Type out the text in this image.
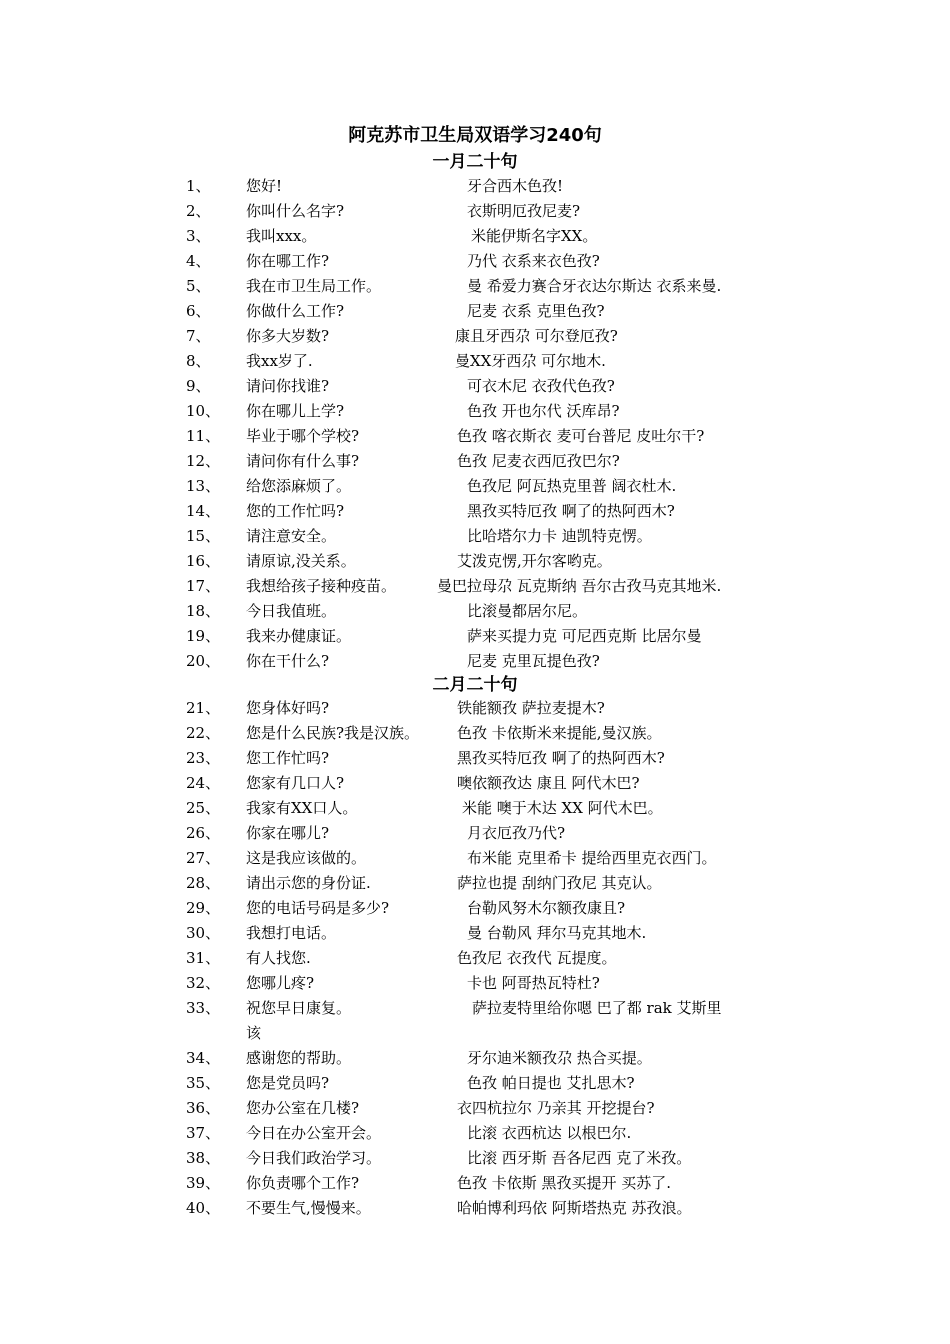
阿克苏市卫生局双语学习240句
一月二十句
1、 您好!	牙合西木色孜!
2、 你叫什么名字?	衣斯明厄孜尼麦?
3、 我叫xxx。	米能伊斯名字XX。
4、 你在哪工作?	乃代 衣系来衣色孜?
5、 我在市卫生局工作。	曼 希爱力赛合牙衣达尔斯达 衣系来曼.
6、 你做什么工作?	尼麦 衣系 克里色孜?
7、 你多大岁数?	康且牙西尕 可尔登厄孜?
8、 我xx岁了.	曼XX牙西尕 可尔地木.
9、 请问你找谁?	可衣木尼 衣孜代色孜?
10、 你在哪儿上学?	色孜 开也尔代 沃库昂?
11、 毕业于哪个学校?	色孜 喀衣斯衣 麦可台普尼 皮吐尔干?
12、 请问你有什么事?	色孜 尼麦衣西厄孜巴尔?
13、 给您添麻烦了。	色孜尼 阿瓦热克里普 阔衣杜木.
14、 您的工作忙吗?	黑孜买特厄孜 啊了的热阿西木?
15、 请注意安全。	比哈塔尔力卡 迪凯特克愣。
16、 请原谅,没关系。	艾泼克愣,开尔客哟克。
17、 我想给孩子接种疫苗。	曼巴拉母尕 瓦克斯纳 吾尔古孜马克其地米.
18、 今日我值班。	比滚曼都居尔尼。
19、 我来办健康证。	萨来买提力克 可尼西克斯 比居尔曼
20、 你在干什么?	尼麦 克里瓦提色孜?
二月二十句
21、 您身体好吗?	铁能额孜 萨拉麦提木?
22、 您是什么民族?我是汉族。	色孜 卡依斯米来提能,曼汉族。
23、 您工作忙吗?	黑孜买特厄孜 啊了的热阿西木?
24、 您家有几口人?	噢依额孜达 康且 阿代木巴?
25、 我家有XX口人。	米能 噢于木达 XX 阿代木巴。
26、 你家在哪儿?	月衣厄孜乃代?
27、 这是我应该做的。	布米能 克里希卡 提给西里克衣西门。
28、 请出示您的身份证.	萨拉也提 刮纳门孜尼 其克认。
29、 您的电话号码是多少?	台勒风努木尔额孜康且?
30、 我想打电话。	曼 台勒风 拜尔马克其地木.
31、 有人找您.	色孜尼 衣孜代 瓦提度。
32、 您哪儿疼?	卡也 阿哥热瓦特杜?
33、 祝您早日康复。	萨拉麦特里给你嗯 巴了都 rak 艾斯里
该
34、 感谢您的帮助。	牙尔迪米额孜尕 热合买提。
35、 您是党员吗?	色孜 帕日提也 艾扎思木?
36、 您办公室在几楼?	衣四杭拉尔 乃亲其 开挖提台?
37、 今日在办公室开会。	比滚 衣西杭达 以根巴尔.
38、 今日我们政治学习。	比滚 西牙斯 吾各尼西 克了米孜。
39、 你负责哪个工作?	色孜 卡依斯 黑孜买提开 买苏了.
40、 不要生气,慢慢来。	哈帕博利玛依 阿斯塔热克 苏孜浪。
